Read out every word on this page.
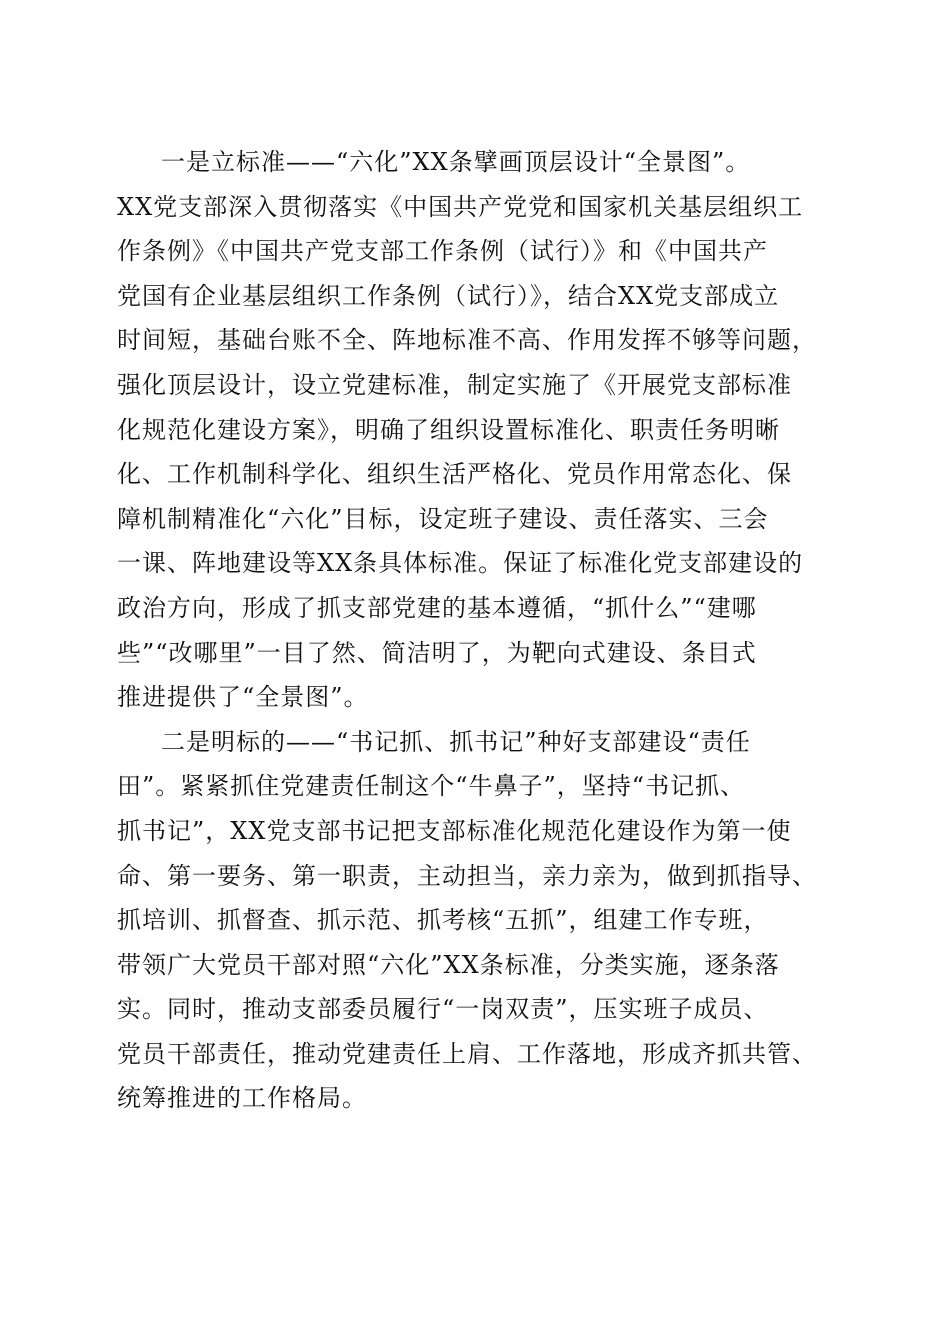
一是立标准——“六化”XX条擘画顶层设计“全景图”。
XX党支部深入贯彻落实《中国共产党党和国家机关基层组织工
作条例》《中国共产党支部工作条例（试行）》和《中国共产
党国有企业基层组织工作条例（试行）》，结合XX党支部成立
时间短，基础台账不全、阵地标准不高、作用发挥不够等问题，
强化顶层设计，设立党建标准，制定实施了《开展党支部标准
化规范化建设方案》，明确了组织设置标准化、职责任务明晰
化、工作机制科学化、组织生活严格化、党员作用常态化、保
障机制精准化“六化”目标，设定班子建设、责任落实、三会
一课、阵地建设等XX条具体标准。保证了标准化党支部建设的
政治方向，形成了抓支部党建的基本遵循，“抓什么”“建哪
些”“改哪里”一目了然、简洁明了，为靶向式建设、条目式
推进提供了“全景图”。
二是明标的——“书记抓、抓书记”种好支部建设“责任
田”。紧紧抓住党建责任制这个“牛鼻子”，坚持“书记抓、
抓书记”，XX党支部书记把支部标准化规范化建设作为第一使
命、第一要务、第一职责，主动担当，亲力亲为，做到抓指导、
抓培训、抓督查、抓示范、抓考核“五抓”，组建工作专班，
带领广大党员干部对照“六化”XX条标准，分类实施，逐条落
实。同时，推动支部委员履行“一岗双责”，压实班子成员、
党员干部责任，推动党建责任上肩、工作落地，形成齐抓共管、
统筹推进的工作格局。
